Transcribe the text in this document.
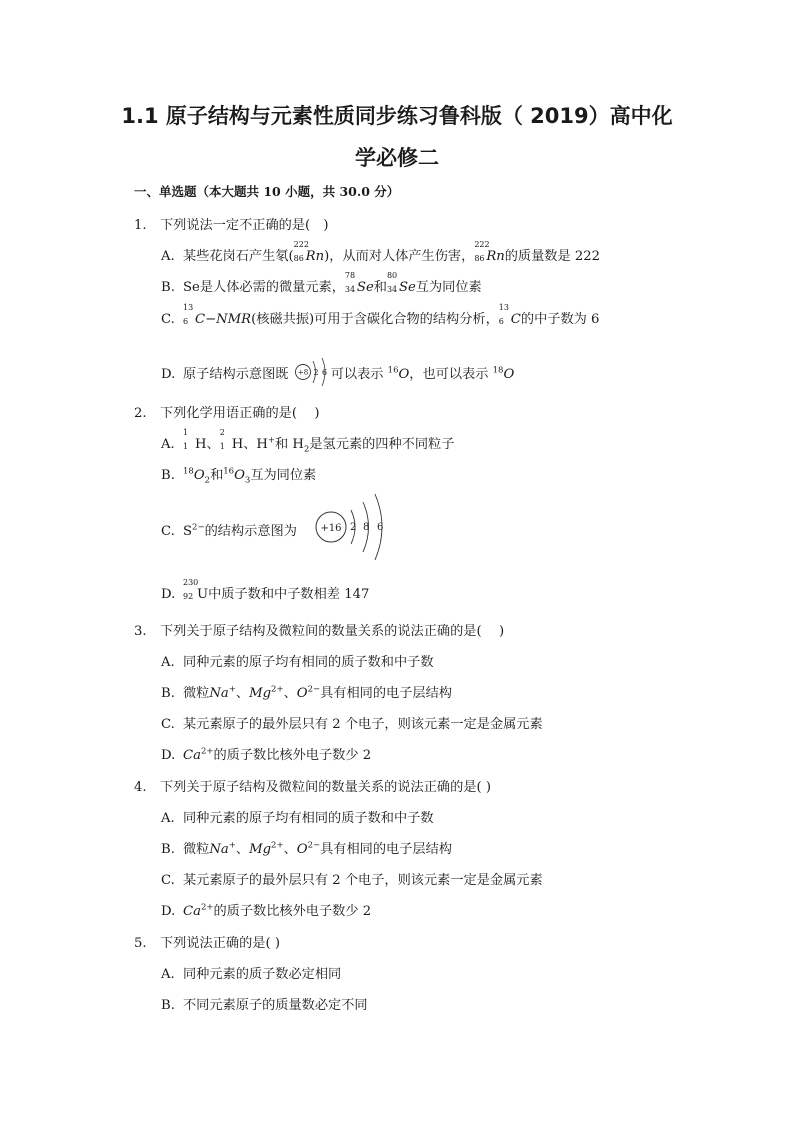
1.1 原子结构与元素性质同步练习鲁科版（ 2019）高中化
学必修二
一、单选题（本大题共 10 小题，共 30.0 分）
1. 下列说法一定不正确的是(　)
A. 某些花岗石产生氡(
222
86 Rn)，从而对人体产生伤害，
222
86 Rn的质量数是 222
B. Se是人体必需的微量元素，
78
34 Se和
80
34 Se互为同位素
C.
13
6 C−NMR(核磁共振)可用于含碳化合物的结构分析，
13
6 C的中子数为 6
D. 原子结构示意图既 +8 2 6 可以表示 $^{16}$O，也可以表示 $^{18}$O
2. 下列化学用语正确的是(　 )
A.
1
1 H、
2
1 H、H+和 $H_2$是氢元素的四种不同粒子
B. $^{18}O_2$和$^{16}O_3$互为同位素
C. $S^{2-}$的结构示意图为 +16 2 8 6
D.
230
92 U中质子数和中子数相差 147
3. 下列关于原子结构及微粒间的数量关系的说法正确的是(　 )
A. 同种元素的原子均有相同的质子数和中子数
B. 微粒Na+、$Mg^{2+}$、$O^{2-}$具有相同的电子层结构
C. 某元素原子的最外层只有 2 个电子，则该元素一定是金属元素
D. $Ca^{2+}$的质子数比核外电子数少 2
4. 下列关于原子结构及微粒间的数量关系的说法正确的是( )
A. 同种元素的原子均有相同的质子数和中子数
B. 微粒Na+、$Mg^{2+}$、$O^{2-}$具有相同的电子层结构
C. 某元素原子的最外层只有 2 个电子，则该元素一定是金属元素
D. $Ca^{2+}$的质子数比核外电子数少 2
5. 下列说法正确的是( )
A. 同种元素的质子数必定相同
B. 不同元素原子的质量数必定不同
